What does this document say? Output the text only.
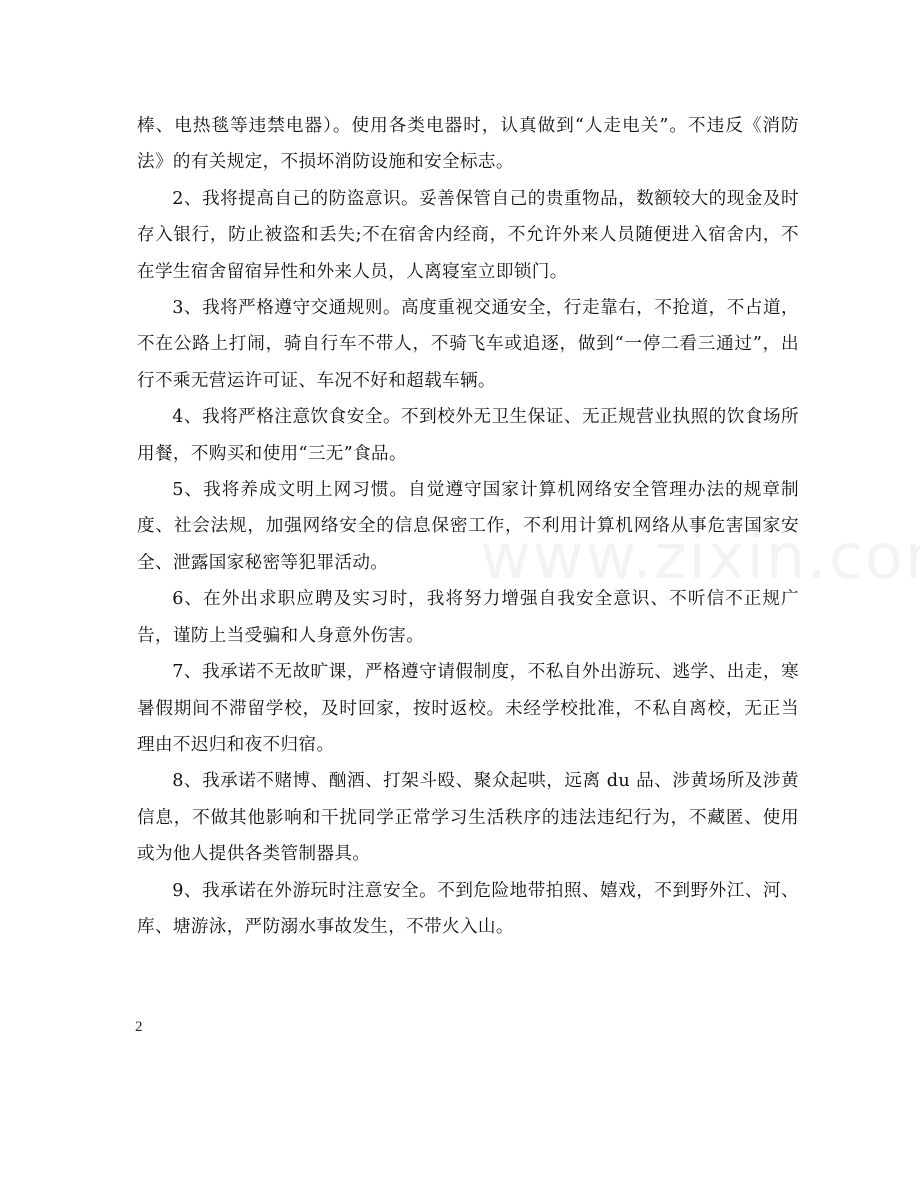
棒、电热毯等违禁电器）。使用各类电器时，认真做到“人走电关”。不违反《消防法》的有关规定，不损坏消防设施和安全标志。

2、我将提高自己的防盗意识。妥善保管自己的贵重物品，数额较大的现金及时存入银行，防止被盗和丢失;不在宿舍内经商，不允许外来人员随便进入宿舍内，不在学生宿舍留宿异性和外来人员，人离寝室立即锁门。

3、我将严格遵守交通规则。高度重视交通安全，行走靠右，不抢道，不占道，不在公路上打闹，骑自行车不带人，不骑飞车或追逐，做到“一停二看三通过”，出行不乘无营运许可证、车况不好和超载车辆。

4、我将严格注意饮食安全。不到校外无卫生保证、无正规营业执照的饮食场所用餐，不购买和使用“三无”食品。

5、我将养成文明上网习惯。自觉遵守国家计算机网络安全管理办法的规章制度、社会法规，加强网络安全的信息保密工作，不利用计算机网络从事危害国家安全、泄露国家秘密等犯罪活动。

6、在外出求职应聘及实习时，我将努力增强自我安全意识、不听信不正规广告，谨防上当受骗和人身意外伤害。

7、我承诺不无故旷课，严格遵守请假制度，不私自外出游玩、逃学、出走，寒暑假期间不滞留学校，及时回家，按时返校。未经学校批准，不私自离校，无正当理由不迟归和夜不归宿。

8、我承诺不赌博、酗酒、打架斗殴、聚众起哄，远离 du 品、涉黄场所及涉黄信息，不做其他影响和干扰同学正常学习生活秩序的违法违纪行为，不藏匿、使用或为他人提供各类管制器具。

9、我承诺在外游玩时注意安全。不到危险地带拍照、嬉戏，不到野外江、河、库、塘游泳，严防溺水事故发生，不带火入山。

2
